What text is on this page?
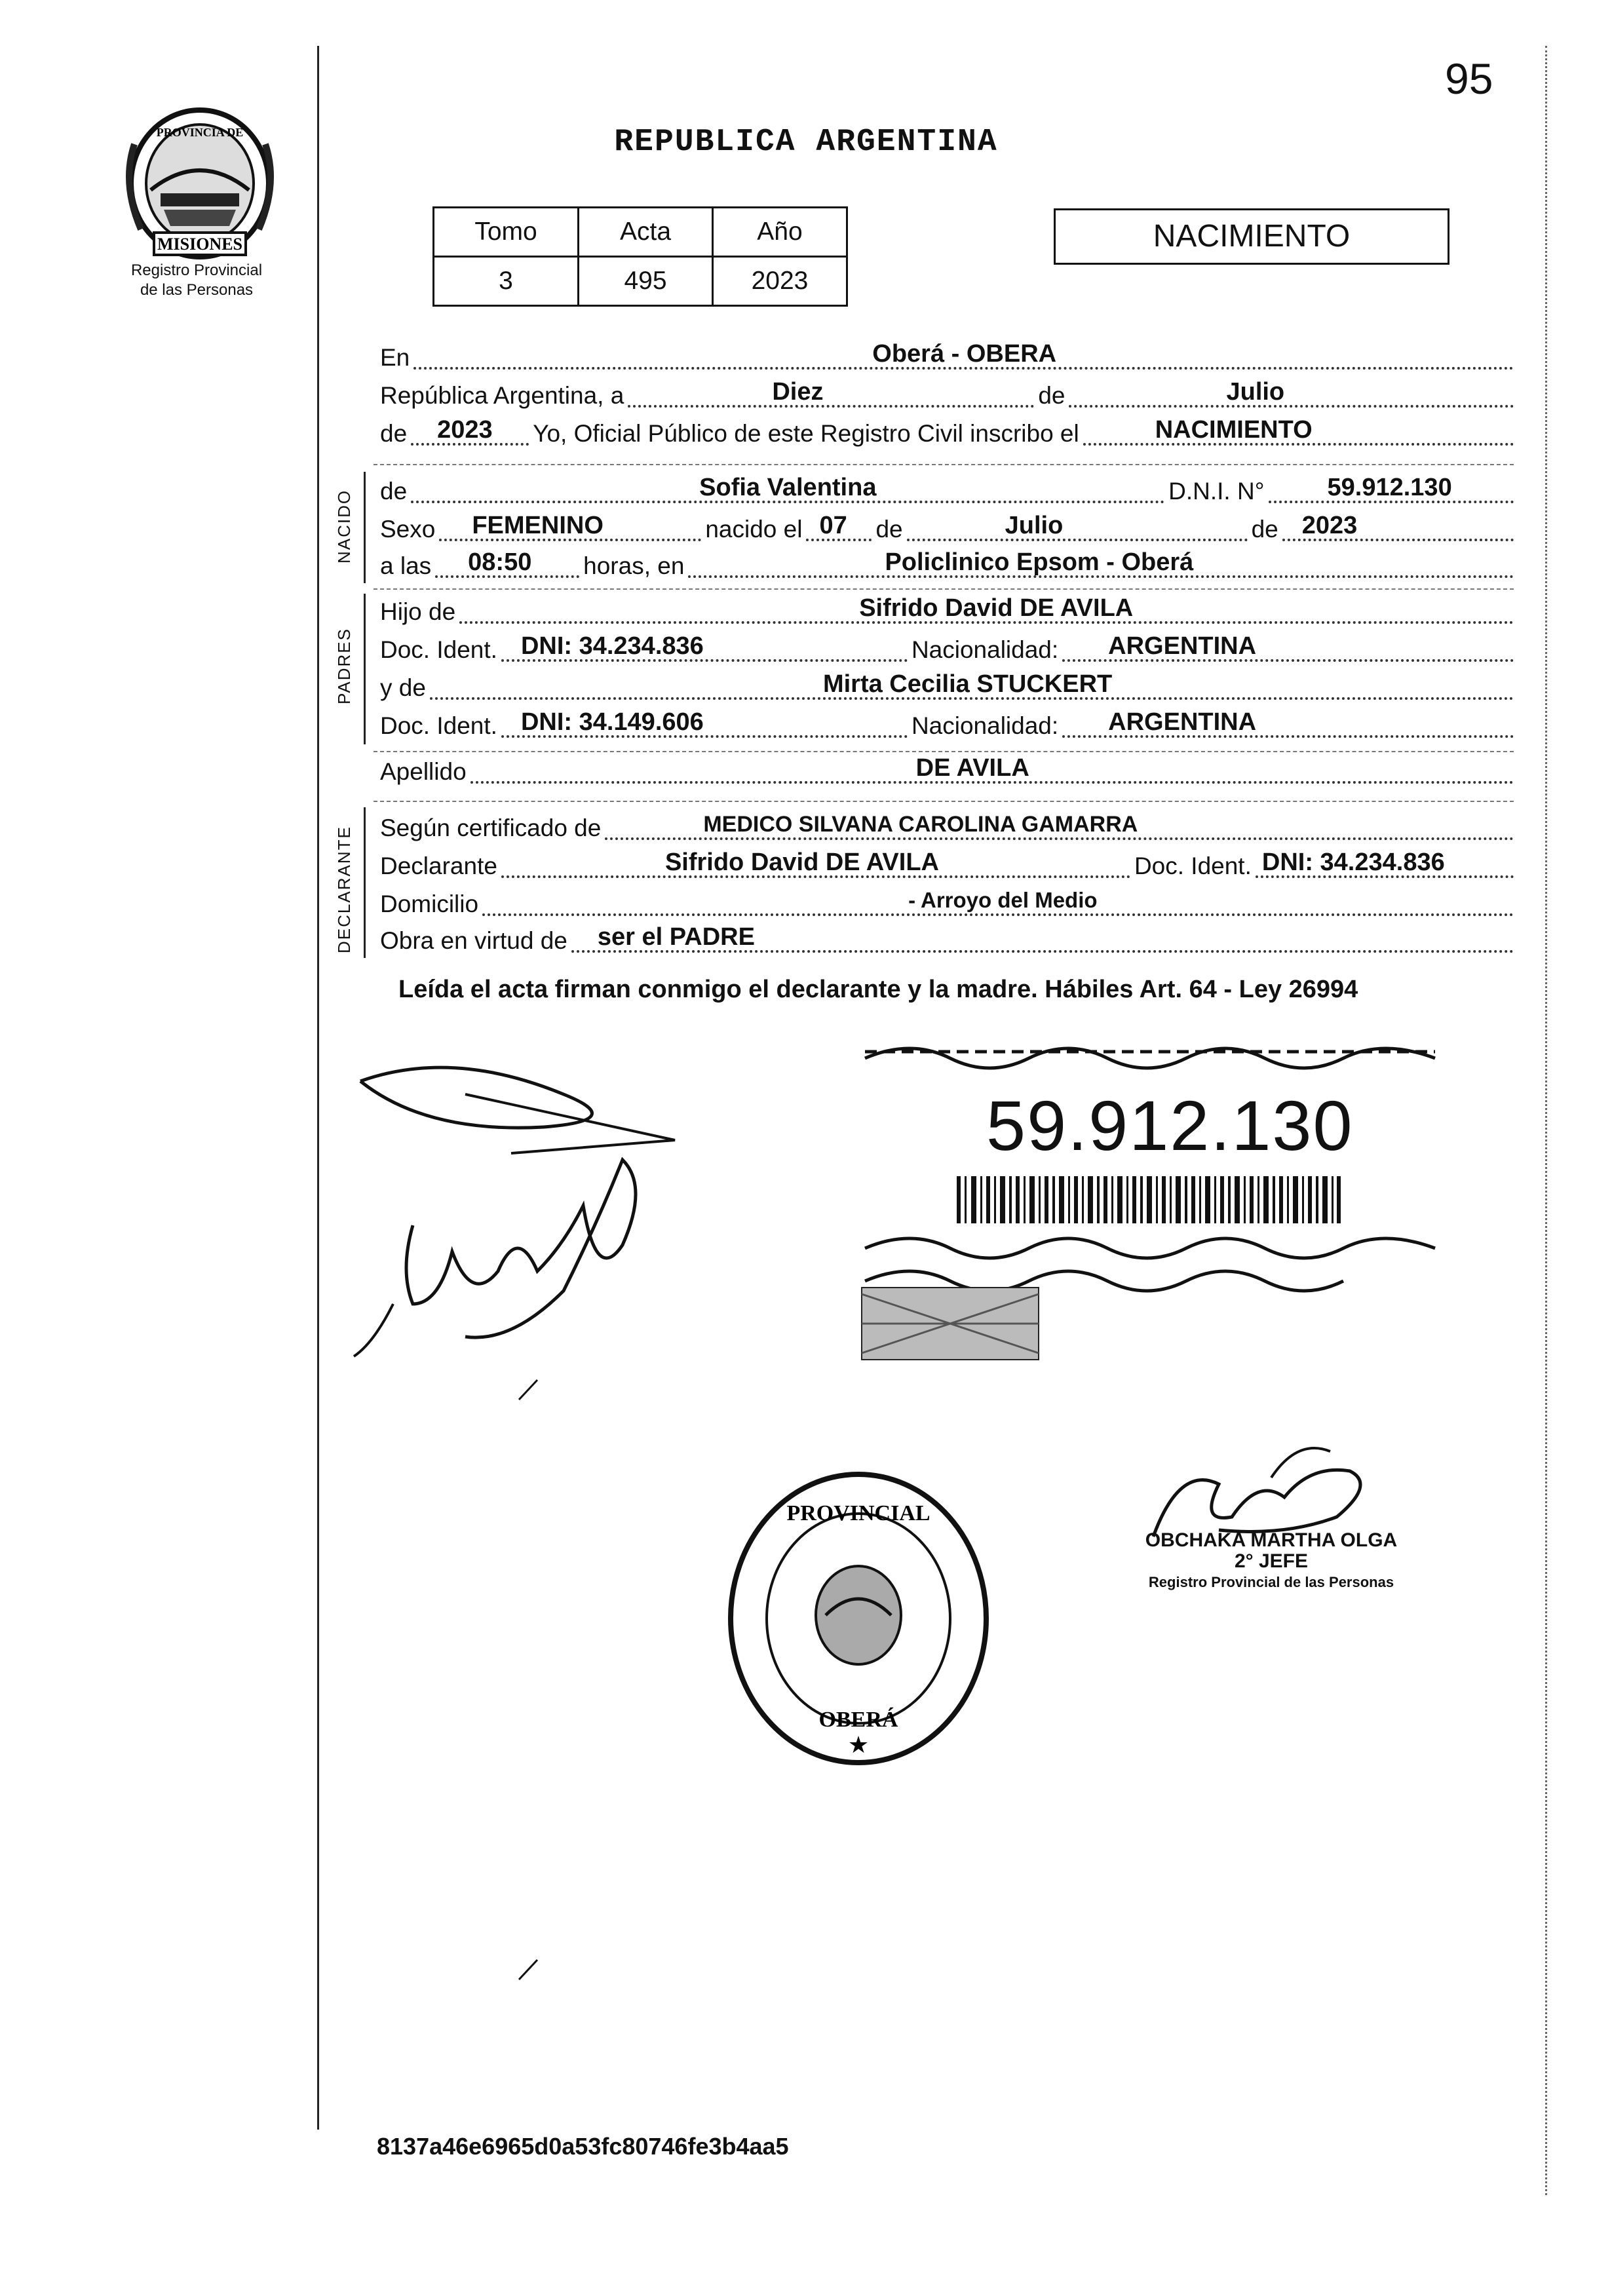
95
MISIONES
PROVINCIA DE
Registro Provincial
de las Personas
REPUBLICA ARGENTINA
Tomo	Acta	Año
3	495	2023
NACIMIENTO
En	Oberá - OBERA
República Argentina, a	Diez	de	Julio
de 2023 Yo, Oficial Público de este Registro Civil inscribo el	NACIMIENTO
NACIDO de	Sofia Valentina	D.N.I. N°	59.912.130
Sexo FEMENINO	nacido el 07 de	Julio	de 2023
a las 08:50 horas, en	Policlinico Epsom - Oberá
PADRES
Hijo de	Sifrido David DE AVILA
Doc. Ident. DNI: 34.234.836	Nacionalidad: ARGENTINA
y de	Mirta Cecilia STUCKERT
Doc. Ident. DNI: 34.149.606	Nacionalidad: ARGENTINA
Apellido	DE AVILA
DECLARANTE Según certificado de	MEDICO SILVANA CAROLINA GAMARRA
Declarante	Sifrido David DE AVILA	Doc. Ident. DNI: 34.234.836
Domicilio	- Arroyo del Medio
Obra en virtud de ser el PADRE
Leída el acta firman conmigo el declarante y la madre. Hábiles Art. 64 - Ley 26994
59.912.130
PROVINCIAL
OBERÁ
★
OBCHAKA MARTHA OLGA
2° JEFE
Registro Provincial de las Personas
8137a46e6965d0a53fc80746fe3b4aa5
